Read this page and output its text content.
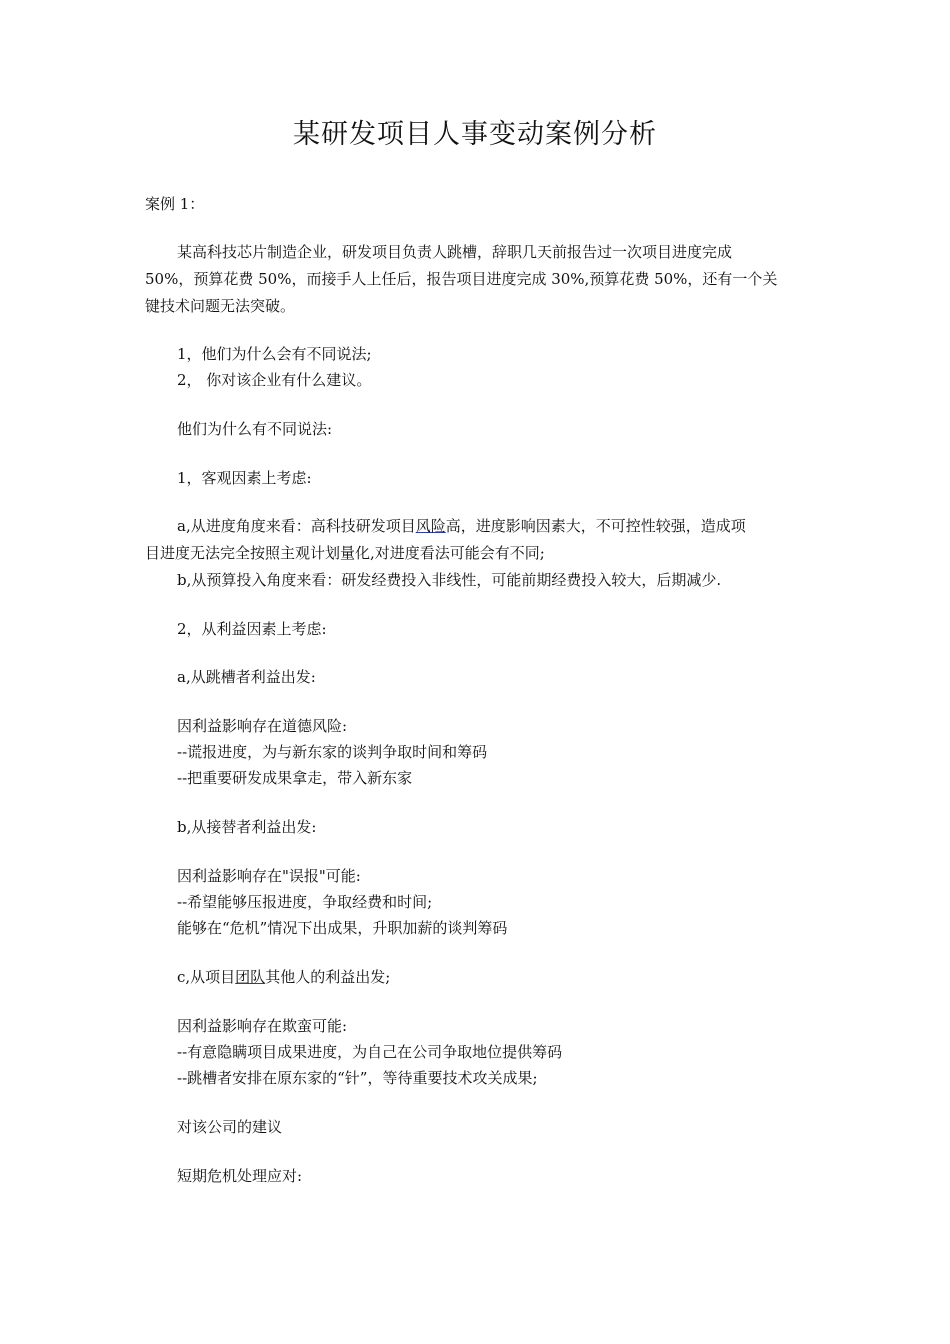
某研发项目人事变动案例分析
案例 1：
某高科技芯片制造企业，研发项目负责人跳槽，辞职几天前报告过一次项目进度完成
50%，预算花费 50%，而接手人上任后，报告项目进度完成 30%,预算花费 50%，还有一个关
键技术问题无法突破。
1，他们为什么会有不同说法;
2， 你对该企业有什么建议。
他们为什么有不同说法:
1，客观因素上考虑:
a,从进度角度来看：高科技研发项目风险高，进度影响因素大，不可控性较强，造成项
目进度无法完全按照主观计划量化,对进度看法可能会有不同;
b,从预算投入角度来看：研发经费投入非线性，可能前期经费投入较大，后期减少.
2，从利益因素上考虑:
a,从跳槽者利益出发:
因利益影响存在道德风险:
--谎报进度，为与新东家的谈判争取时间和筹码
--把重要研发成果拿走，带入新东家
b,从接替者利益出发:
因利益影响存在"误报"可能:
--希望能够压报进度，争取经费和时间;
能够在“危机”情况下出成果，升职加薪的谈判筹码
c,从项目团队其他人的利益出发;
因利益影响存在欺蛮可能:
--有意隐瞒项目成果进度，为自己在公司争取地位提供筹码
--跳槽者安排在原东家的“针”，等待重要技术攻关成果;
对该公司的建议
短期危机处理应对:
